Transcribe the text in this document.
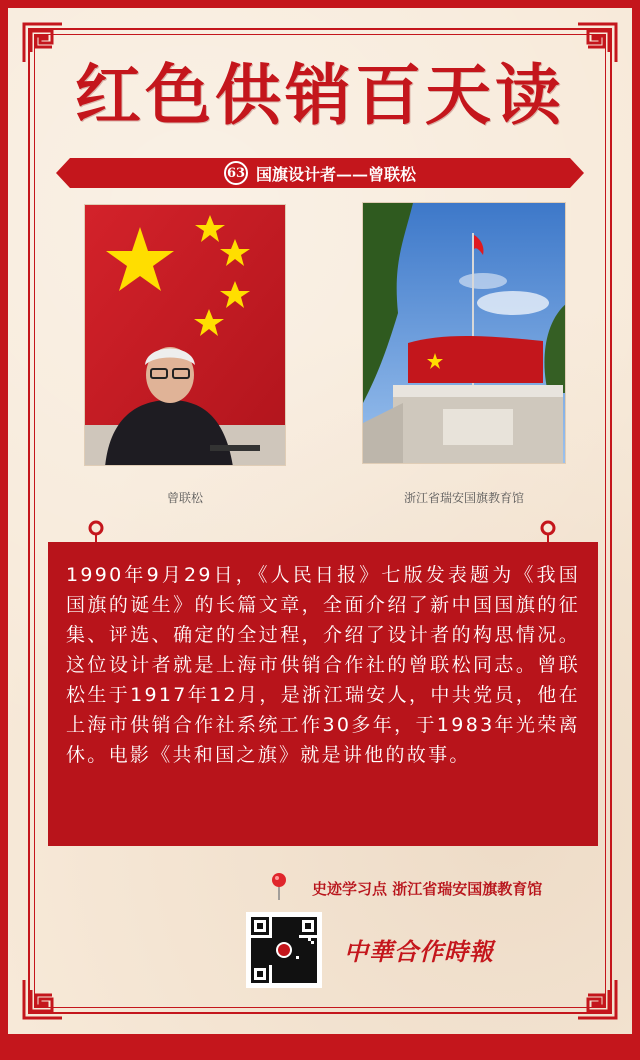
红色供销百天读
63 国旗设计者——曾联松
曾联松	浙江省瑞安国旗教育馆

1990年9月29日，《人民日报》七版发表题为《我国国旗的诞生》的长篇文章，全面介绍了新中国国旗的征集、评选、确定的全过程，介绍了设计者的构思情况。这位设计者就是上海市供销合作社的曾联松同志。曾联松生于1917年12月，是浙江瑞安人，中共党员，他在上海市供销合作社系统工作30多年，于1983年光荣离休。电影《共和国之旗》就是讲他的故事。

史迹学习点 浙江省瑞安国旗教育馆
中華合作時報
